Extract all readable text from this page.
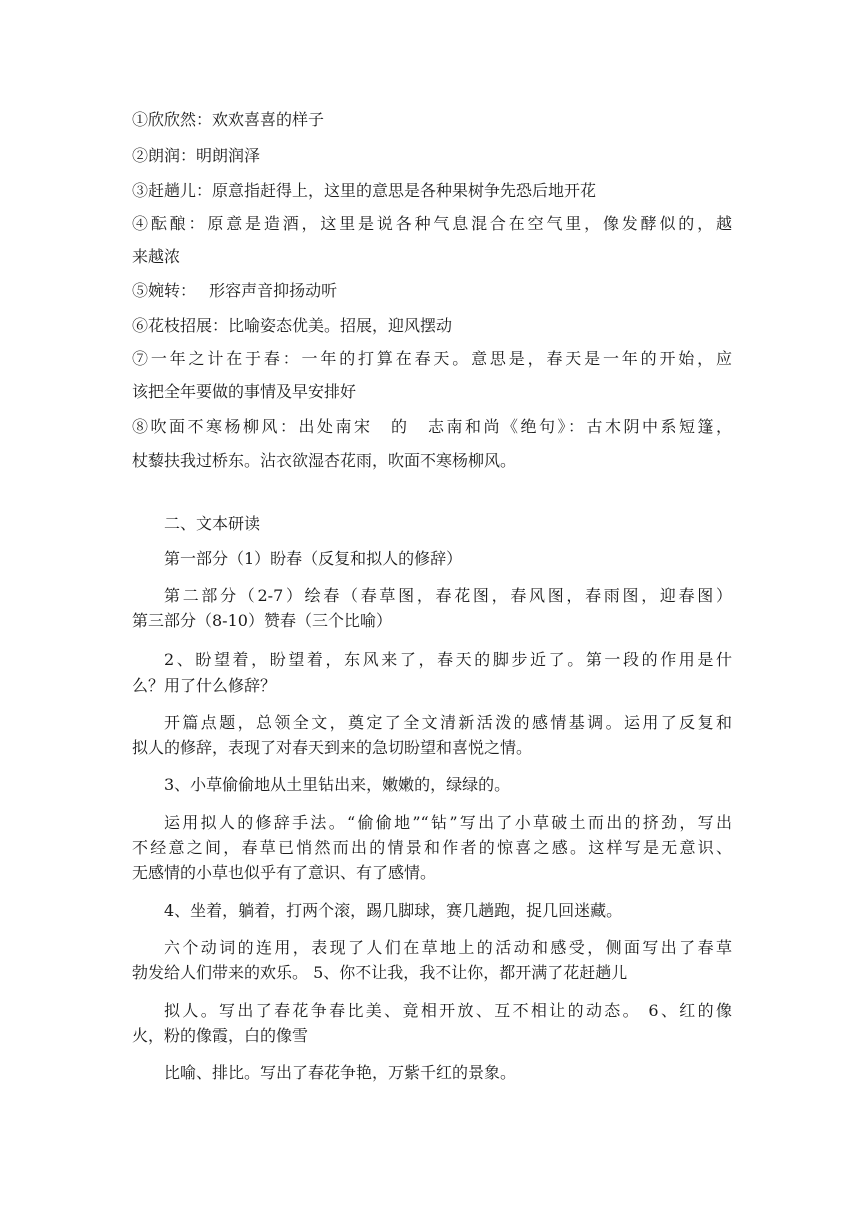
①欣欣然：欢欢喜喜的样子
②朗润：明朗润泽
③赶趟儿：原意指赶得上，这里的意思是各种果树争先恐后地开花
④酝酿：原意是造酒，这里是说各种气息混合在空气里，像发酵似的，越
来越浓
⑤婉转：　 形容声音抑扬动听
⑥花枝招展：比喻姿态优美。招展，迎风摆动
⑦一年之计在于春：一年的打算在春天。意思是，春天是一年的开始，应
该把全年要做的事情及早安排好
⑧吹面不寒杨柳风：出处南宋　的　志南和尚《绝句》：古木阴中系短篷，
杖藜扶我过桥东。沾衣欲湿杏花雨，吹面不寒杨柳风。
二、文本研读
第一部分（1）盼春（反复和拟人的修辞）
第二部分（2-7）绘春（春草图，春花图，春风图，春雨图，迎春图）
第三部分（8-10）赞春（三个比喻）
2、盼望着，盼望着，东风来了，春天的脚步近了。第一段的作用是什
么？用了什么修辞？
开篇点题，总领全文，奠定了全文清新活泼的感情基调。运用了反复和
拟人的修辞，表现了对春天到来的急切盼望和喜悦之情。
3、小草偷偷地从土里钻出来，嫩嫩的，绿绿的。
运用拟人的修辞手法。“偷偷地”“钻”写出了小草破土而出的挤劲，写出
不经意之间，春草已悄然而出的情景和作者的惊喜之感。这样写是无意识、
无感情的小草也似乎有了意识、有了感情。
4、坐着，躺着，打两个滚，踢几脚球，赛几趟跑，捉几回迷藏。
六个动词的连用，表现了人们在草地上的活动和感受，侧面写出了春草
勃发给人们带来的欢乐。 5、你不让我，我不让你，都开满了花赶趟儿
拟人。写出了春花争春比美、竟相开放、互不相让的动态。 6、红的像
火，粉的像霞，白的像雪
比喻、排比。写出了春花争艳，万紫千红的景象。
